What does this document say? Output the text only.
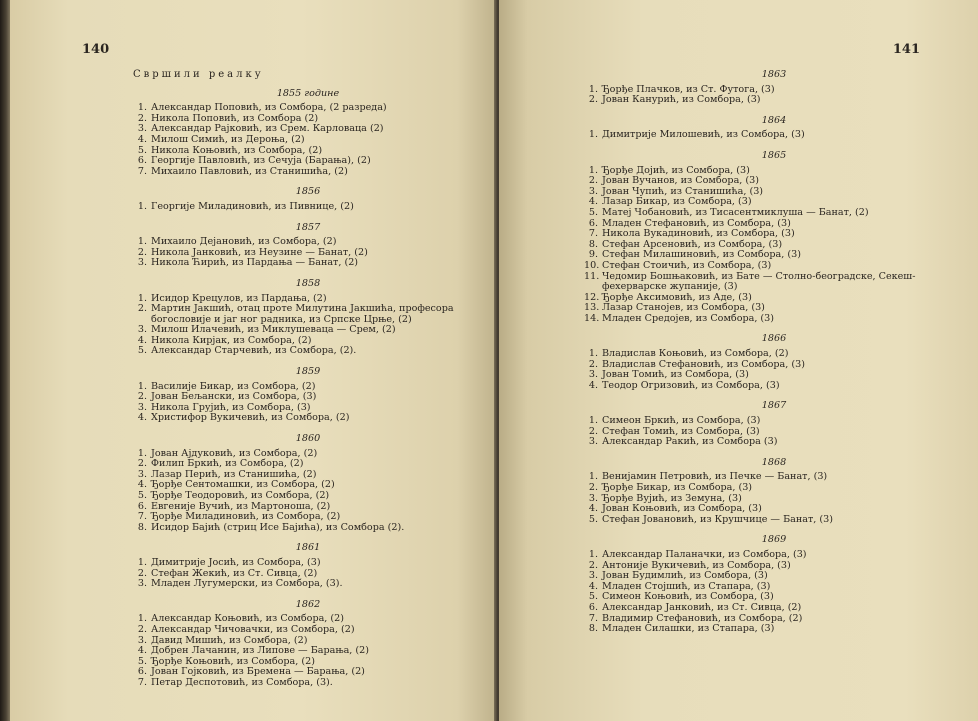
140
Свршили реалку
1855 године
1. Александар Поповић, из Сомбора, (2 разреда)
2. Никола Поповић, из Сомбора (2)
3. Александар Рајковић, из Срем. Карловаца (2)
4. Милош Симић, из Дероња, (2)
5. Никола Коњовић, из Сомбора, (2)
6. Георгије Павловић, из Сечуја (Барања), (2)
7. Михаило Павловић, из Станишића, (2)
1856
1. Георгије Миладиновић, из Пивнице, (2)
1857
1. Михаило Дејановић, из Сомбора, (2)
2. Никола Јанковић, из Неузине — Банат, (2)
3. Никола Ћирић, из Пардања — Банат, (2)
1858
1. Исидор Крецулов, из Пардања, (2)
2. Мартин Јакшић, отац проте Милутина Јакшића, професора богословије и јаг ног радника, из Српске Црње, (2)
3. Милош Илачевић, из Миклушеваца — Срем, (2)
4. Никола Кирјак, из Сомбора, (2)
5. Александар Старчевић, из Сомбора, (2).
1859
1. Василије Бикар, из Сомбора, (2)
2. Јован Бељански, из Сомбора, (3)
3. Никола Грујић, из Сомбора, (3)
4. Христифор Вукичевић, из Сомбора, (2)
1860
1. Јован Ајдуковић, из Сомбора, (2)
2. Филип Бркић, из Сомбора, (2)
3. Лазар Перић, из Станишића, (2)
4. Ђорђе Сентомашки, из Сомбора, (2)
5. Ђорђе Теодоровић, из Сомбора, (2)
6. Евгеније Вучић, из Мартоноша, (2)
7. Ђорђе Миладиновић, из Сомбора, (2)
8. Исидор Бајић (стриц Исе Бајића), из Сомбора (2).
1861
1. Димитрије Јосић, из Сомбора, (3)
2. Стефан Жекић, из Ст. Сивца, (2)
3. Младен Лугумерски, из Сомбора, (3).
1862
1. Александар Коњовић, из Сомбора, (2)
2. Александар Чичовачки, из Сомбора, (2)
3. Давид Мишић, из Сомбора, (2)
4. Добрен Лачанин, из Липове — Барања, (2)
5. Ђорђе Коњовић, из Сомбора, (2)
6. Јован Гојковић, из Бремена — Барања, (2)
7. Петар Деспотовић, из Сомбора, (3).
141
1863
1. Ђорђе Плачков, из Ст. Футога, (3)
2. Јован Канурић, из Сомбора, (3)
1864
1. Димитрије Милошевић, из Сомбора, (3)
1865
1. Ђорђе Дојић, из Сомбора, (3)
2. Јован Вучанов, из Сомбора, (3)
3. Јован Чупић, из Станишића, (3)
4. Лазар Бикар, из Сомбора, (3)
5. Матеј Чобановић, из Тисасентмиклуша — Банат, (2)
6. Младен Стефановић, из Сомбора, (3)
7. Никола Вукадиновић, из Сомбора, (3)
8. Стефан Арсеновић, из Сомбора, (3)
9. Стефан Милашиновић, из Сомбора, (3)
10. Стефан Стоичић, из Сомбора, (3)
11. Чедомир Бошњаковић, из Бате — Столно-београдске, Секеш-фехерварске жупаније, (3)
12. Ђорђе Аксимовић, из Аде, (3)
13. Лазар Станојев, из Сомбора, (3)
14. Младен Средојев, из Сомбора, (3)
1866
1. Владислав Коњовић, из Сомбора, (2)
2. Владислав Стефановић, из Сомбора, (3)
3. Јован Томић, из Сомбора, (3)
4. Теодор Огризовић, из Сомбора, (3)
1867
1. Симеон Бркић, из Сомбора, (3)
2. Стефан Томић, из Сомбора, (3)
3. Александар Ракић, из Сомбора (3)
1868
1. Венијамин Петровић, из Печке — Банат, (3)
2. Ђорђе Бикар, из Сомбора, (3)
3. Ђорђе Вујић, из Земуна, (3)
4. Јован Коњовић, из Сомбора, (3)
5. Стефан Јовановић, из Крушчице — Банат, (3)
1869
1. Александар Паланачки, из Сомбора, (3)
2. Антоније Вукичевић, из Сомбора, (3)
3. Јован Будимлић, из Сомбора, (3)
4. Младен Стојшић, из Стапара, (3)
5. Симеон Коњовић, из Сомбора, (3)
6. Александар Јанковић, из Ст. Сивца, (2)
7. Владимир Стефановић, из Сомбора, (2)
8. Младен Силашки, из Стапара, (3)
